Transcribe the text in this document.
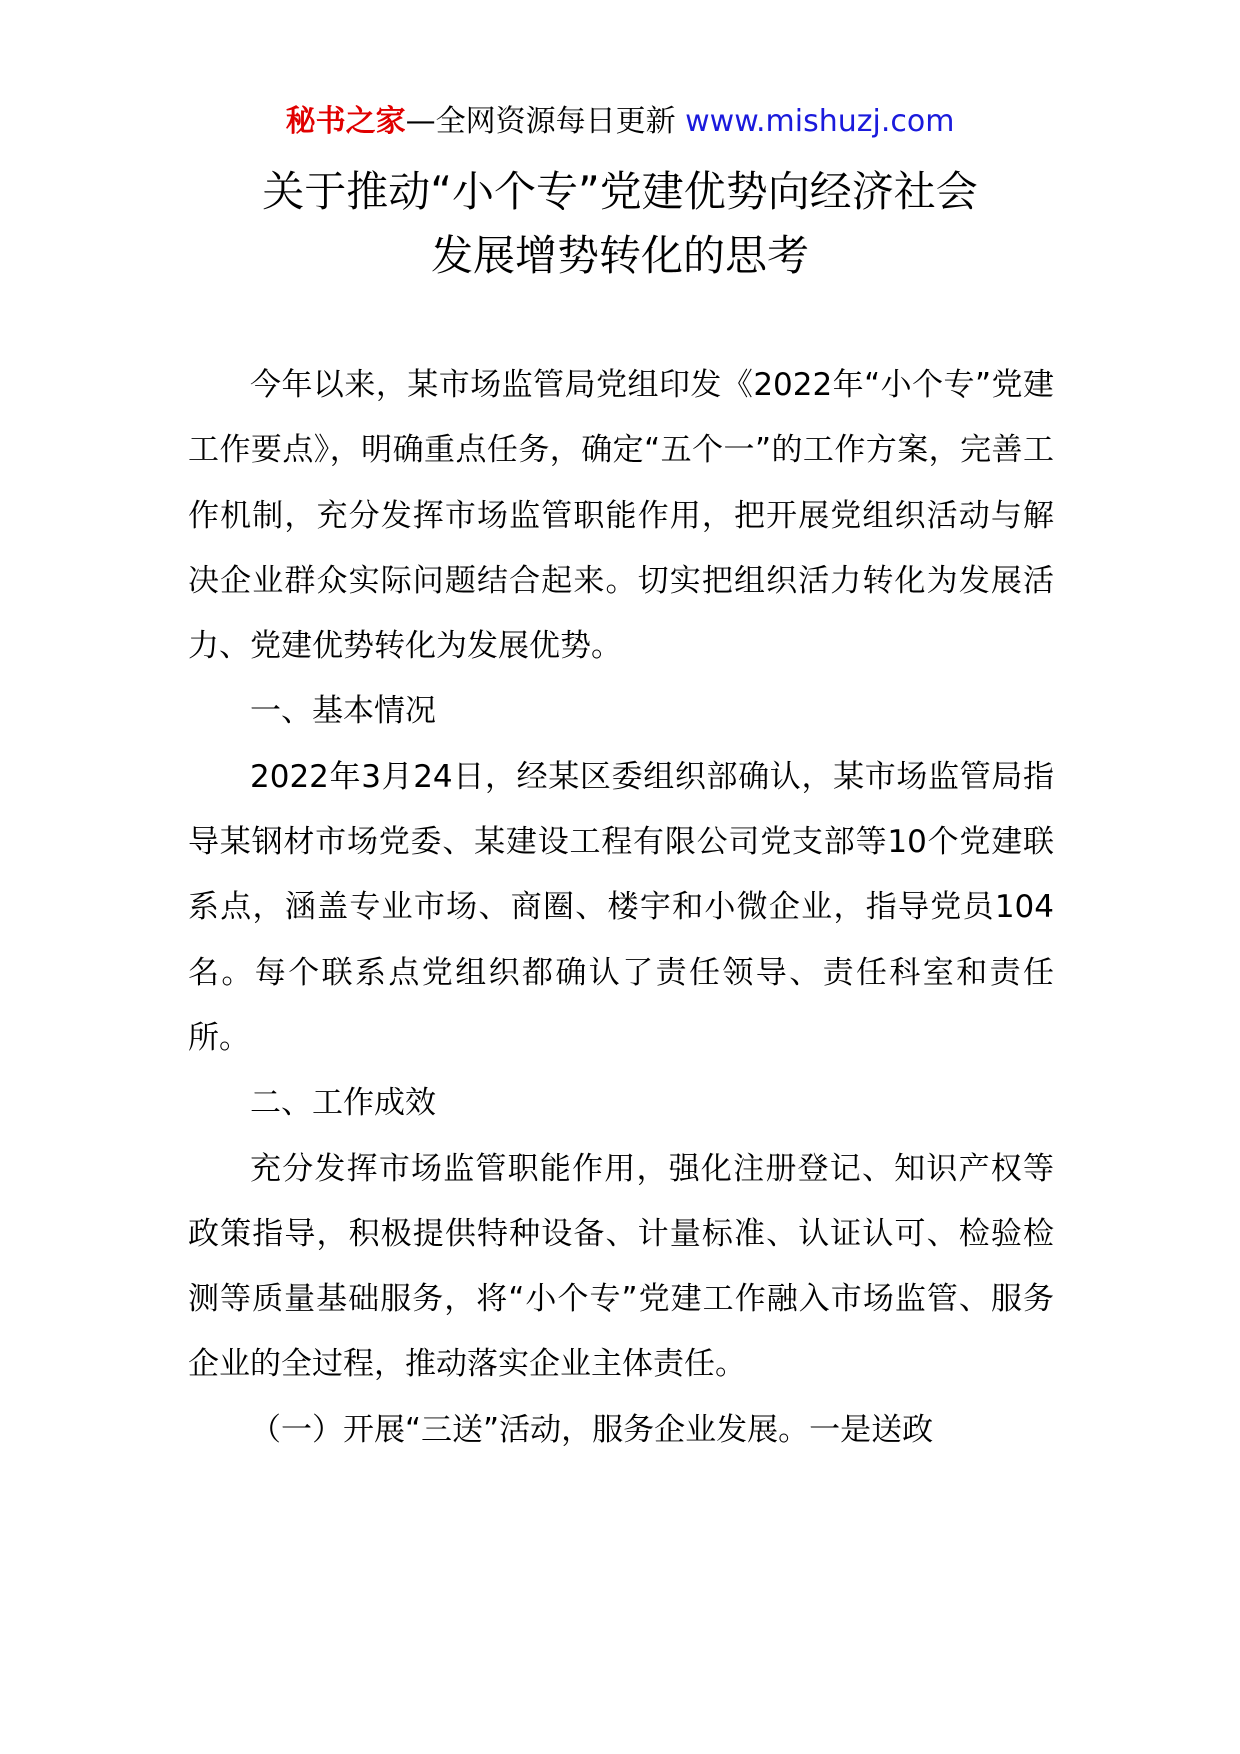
秘书之家—全网资源每日更新 www.mishuzj.com
关于推动“小个专”党建优势向经济社会
发展增势转化的思考

今年以来，某市场监管局党组印发《2022年“小个专”党建工作要点》，明确重点任务，确定“五个一”的工作方案，完善工作机制，充分发挥市场监管职能作用，把开展党组织活动与解决企业群众实际问题结合起来。切实把组织活力转化为发展活力、党建优势转化为发展优势。

一、基本情况

2022年3月24日，经某区委组织部确认，某市场监管局指导某钢材市场党委、某建设工程有限公司党支部等10个党建联系点，涵盖专业市场、商圈、楼宇和小微企业，指导党员104名。每个联系点党组织都确认了责任领导、责任科室和责任所。

二、工作成效

充分发挥市场监管职能作用，强化注册登记、知识产权等政策指导，积极提供特种设备、计量标准、认证认可、检验检测等质量基础服务，将“小个专”党建工作融入市场监管、服务企业的全过程，推动落实企业主体责任。

（一）开展“三送”活动，服务企业发展。一是送政
